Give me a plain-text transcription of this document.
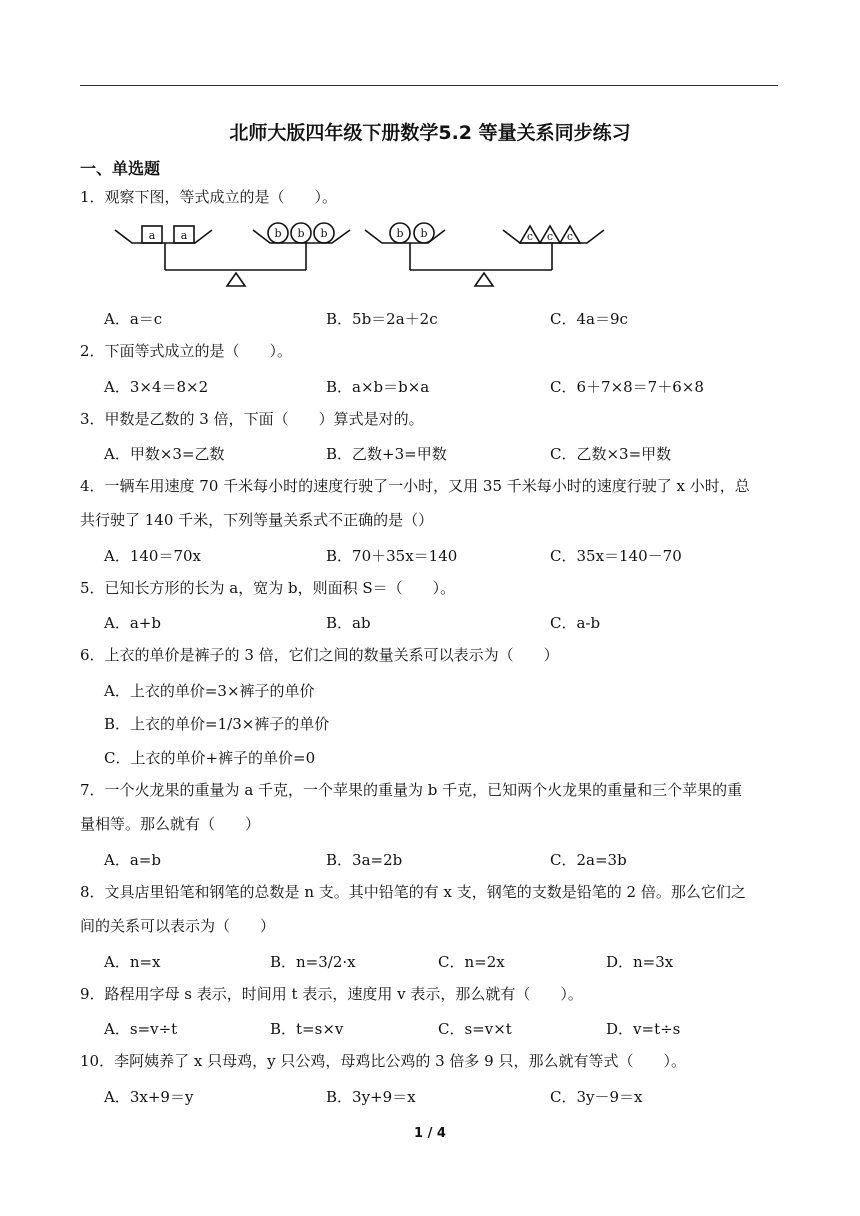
北师大版四年级下册数学5.2 等量关系同步练习
一、单选题
1．观察下图，等式成立的是（　　）。
a a	b b b	b b	c c c
A．a＝c	B．5b＝2a＋2c	C．4a＝9c
2．下面等式成立的是（　　）。
A．3×4＝8×2	B．a×b＝b×a	C．6＋7×8＝7＋6×8
3．甲数是乙数的 3 倍，下面（　　）算式是对的。
A．甲数×3=乙数	B．乙数+3=甲数	C．乙数×3=甲数
4．一辆车用速度 70 千米每小时的速度行驶了一小时，又用 35 千米每小时的速度行驶了 x 小时，总
共行驶了 140 千米，下列等量关系式不正确的是（）
A．140＝70x	B．70＋35x＝140	C．35x＝140－70
5．已知长方形的长为 a，宽为 b，则面积 S＝（　　）。
A．a+b	B．ab	C．a-b
6．上衣的单价是裤子的 3 倍，它们之间的数量关系可以表示为（　　）
A．上衣的单价=3×裤子的单价
B．上衣的单价=1/3×裤子的单价
C．上衣的单价+裤子的单价=0
7．一个火龙果的重量为 a 千克，一个苹果的重量为 b 千克，已知两个火龙果的重量和三个苹果的重
量相等。那么就有（　　）
A．a=b	B．3a=2b	C．2a=3b
8．文具店里铅笔和钢笔的总数是 n 支。其中铅笔的有 x 支，钢笔的支数是铅笔的 2 倍。那么它们之
间的关系可以表示为（　　）
A．n=x	B．n=3/2·x	C．n=2x	D．n=3x
9．路程用字母 s 表示，时间用 t 表示，速度用 v 表示，那么就有（　　）。
A．s=v÷t	B．t=s×v	C．s=v×t	D．v=t÷s
10．李阿姨养了 x 只母鸡，y 只公鸡，母鸡比公鸡的 3 倍多 9 只，那么就有等式（　　）。
A．3x+9＝y	B．3y+9＝x	C．3y－9＝x
1 / 4
